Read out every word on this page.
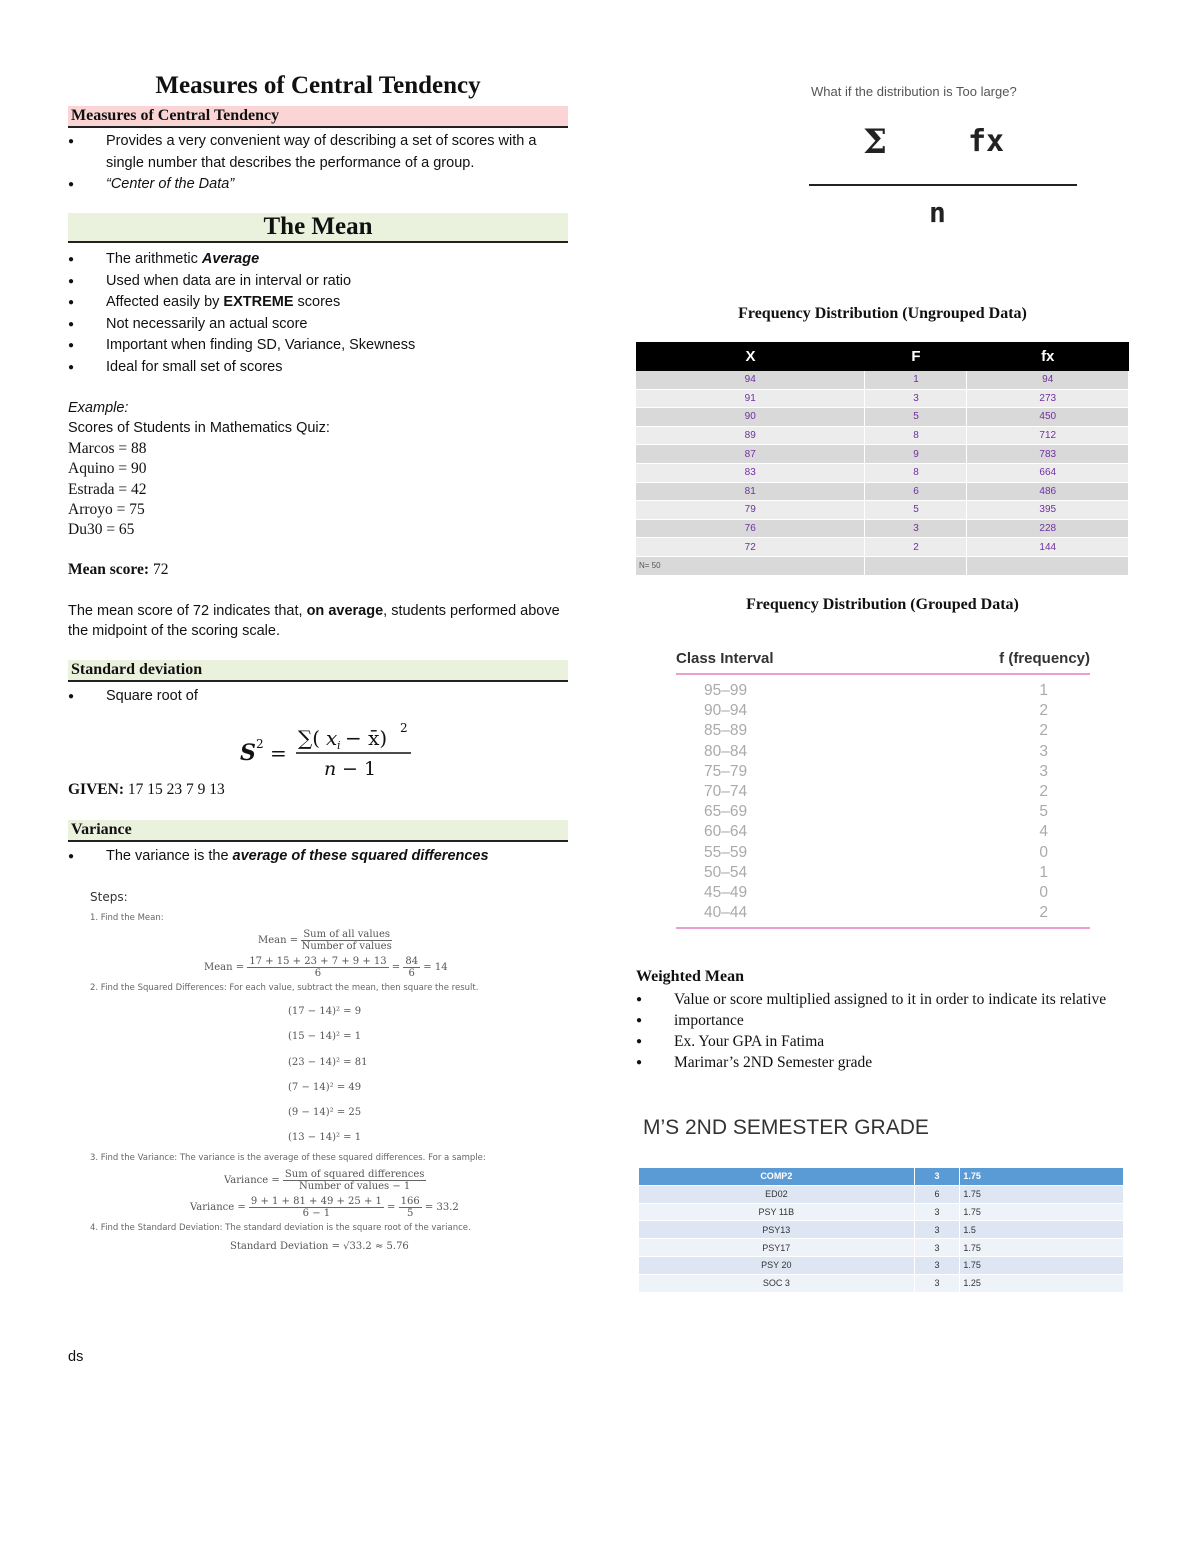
Measures of Central Tendency
Measures of Central Tendency
● Provides a very convenient way of describing a set of scores with a single number that describes the performance of a group.
● “Center of the Data”
The Mean
● The arithmetic Average
● Used when data are in interval or ratio
● Affected easily by EXTREME scores
● Not necessarily an actual score
● Important when finding SD, Variance, Skewness
● Ideal for small set of scores
Example:
Scores of Students in Mathematics Quiz:
Marcos = 88
Aquino = 90
Estrada = 42
Arroyo = 75
Du30 = 65
Mean score: 72
The mean score of 72 indicates that, on average, students performed above the midpoint of the scoring scale.
Standard deviation
● Square root of
S 2 =
∑( x i − x̄) 2
n − 1
GIVEN: 17 15 23 7 9 13
Variance
● The variance is the average of these squared differences
Steps:
1. Find the Mean:
Mean = $\frac{\text{Sum of all values}}{\text{Number of values}}$
Mean = $\frac{17 + 15 + 23 + 7 + 9 + 13}{6} = \frac{84}{6} = 14$
2. Find the Squared Differences: For each value, subtract the mean, then square the result.
(17 − 14)² = 9
(15 − 14)² = 1
(23 − 14)² = 81
(7 − 14)² = 49
(9 − 14)² = 25
(13 − 14)² = 1
3. Find the Variance: The variance is the average of these squared differences. For a sample:
Variance = $\frac{\text{Sum of squared differences}}{\text{Number of values − 1}}$
Variance = $\frac{9 + 1 + 81 + 49 + 25 + 1}{6 - 1} = \frac{166}{5} = 33.2$
4. Find the Standard Deviation: The standard deviation is the square root of the variance.
Standard Deviation = √33.2 ≈ 5.76
ds
What if the distribution is Too large?
Σ	fx
n
Frequency Distribution (Ungrouped Data)
X	F	fx
94	1	94
91	3	273
90	5	450
89	8	712
87	9	783
83	8	664
81	6	486
79	5	395
76	3	228
72	2	144
N= 50		
Frequency Distribution (Grouped Data)
Class Interval	f (frequency)
95–99	1
90–94	2
85–89	2
80–84	3
75–79	3
70–74	2
65–69	5
60–64	4
55–59	0
50–54	1
45–49	0
40–44	2
Weighted Mean
● Value or score multiplied assigned to it in order to indicate its relative
● importance
● Ex. Your GPA in Fatima
● Marimar’s 2ND Semester grade
M’S 2ND SEMESTER GRADE
COMP2	3	1.75
ED02	6	1.75
PSY 11B	3	1.75
PSY13	3	1.5
PSY17	3	1.75
PSY 20	3	1.75
SOC 3	3	1.25
